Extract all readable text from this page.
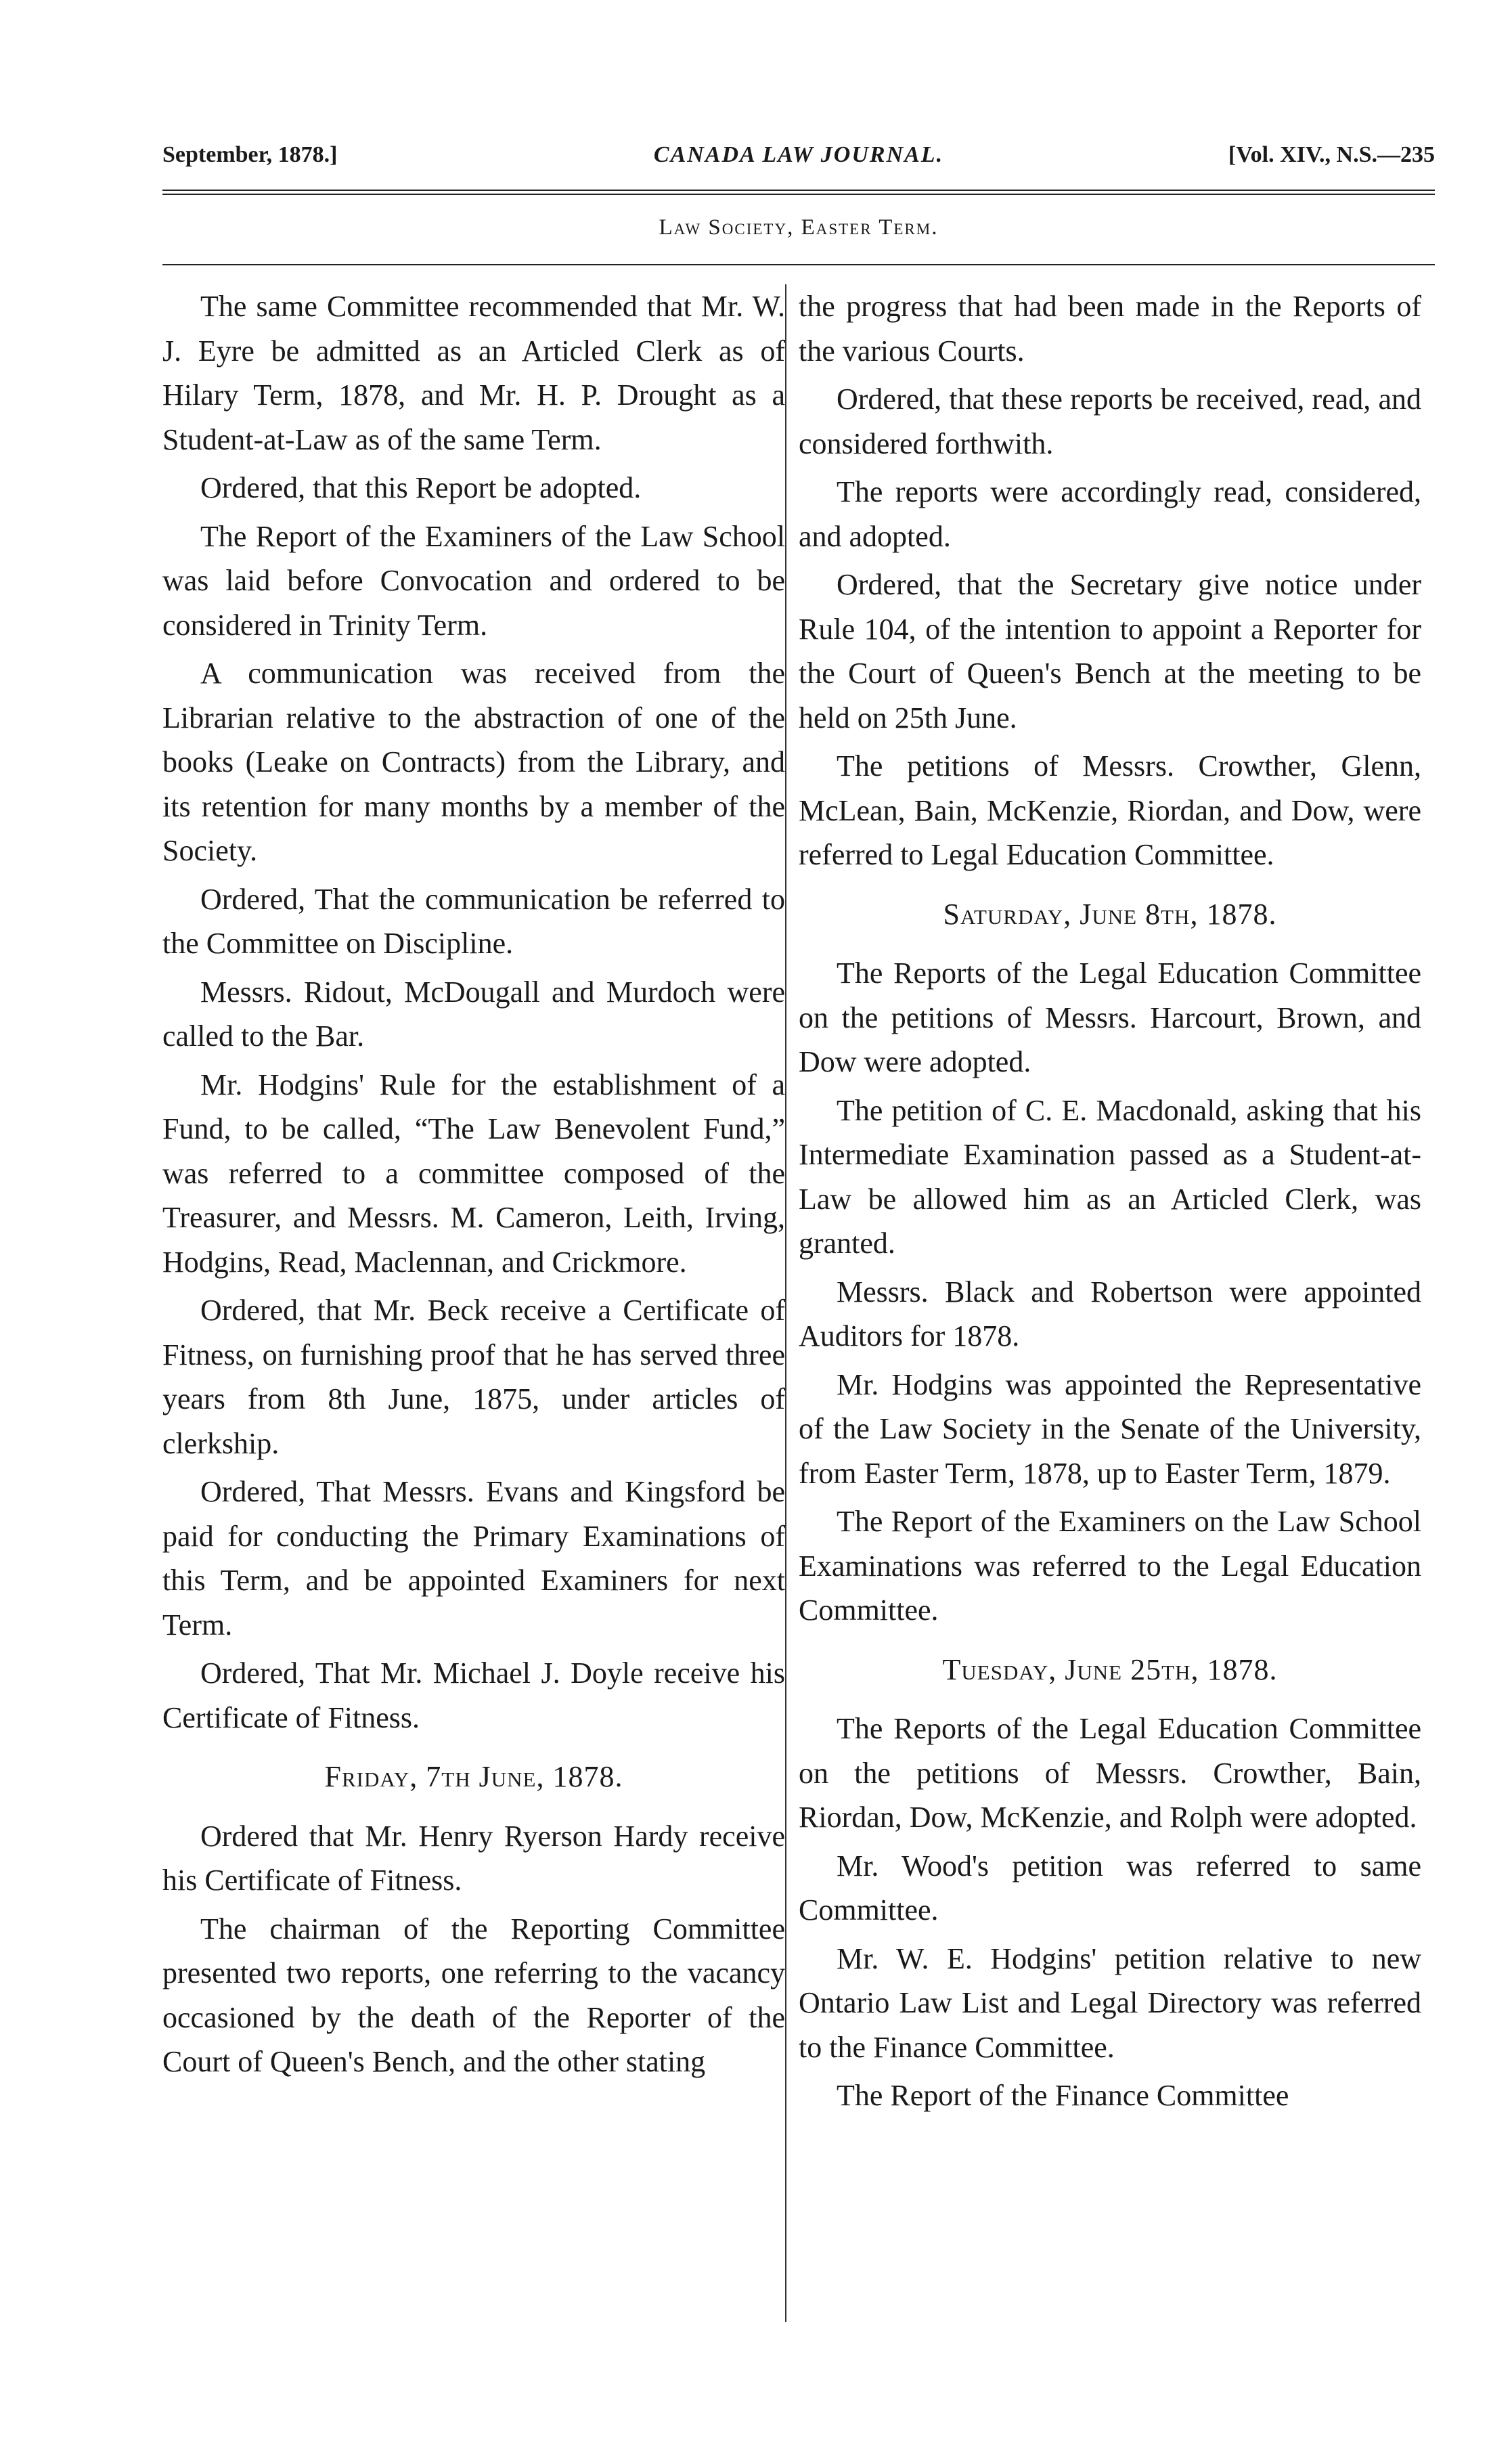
September, 1878.]	CANADA LAW JOURNAL.	[Vol. XIV., N.S.—235
Law Society, Easter Term.

The same Committee recommended that Mr. W. J. Eyre be admitted as an Articled Clerk as of Hilary Term, 1878, and Mr. H. P. Drought as a Student-at-Law as of the same Term.

Ordered, that this Report be adopted.

The Report of the Examiners of the Law School was laid before Convocation and ordered to be considered in Trinity Term.

A communication was received from the Librarian relative to the abstraction of one of the books (Leake on Contracts) from the Library, and its retention for many months by a member of the Society.

Ordered, That the communication be referred to the Committee on Discipline.

Messrs. Ridout, McDougall and Murdoch were called to the Bar.

Mr. Hodgins' Rule for the establishment of a Fund, to be called, “The Law Benevolent Fund,” was referred to a committee composed of the Treasurer, and Messrs. M. Cameron, Leith, Irving, Hodgins, Read, Maclennan, and Crickmore.

Ordered, that Mr. Beck receive a Certificate of Fitness, on furnishing proof that he has served three years from 8th June, 1875, under articles of clerkship.

Ordered, That Messrs. Evans and Kingsford be paid for conducting the Primary Examinations of this Term, and be appointed Examiners for next Term.

Ordered, That Mr. Michael J. Doyle receive his Certificate of Fitness.

Friday, 7th June, 1878.

Ordered that Mr. Henry Ryerson Hardy receive his Certificate of Fitness.

The chairman of the Reporting Committee presented two reports, one referring to the vacancy occasioned by the death of the Reporter of the Court of Queen's Bench, and the other stating

the progress that had been made in the Reports of the various Courts.

Ordered, that these reports be received, read, and considered forthwith.

The reports were accordingly read, considered, and adopted.

Ordered, that the Secretary give notice under Rule 104, of the intention to appoint a Reporter for the Court of Queen's Bench at the meeting to be held on 25th June.

The petitions of Messrs. Crowther, Glenn, McLean, Bain, McKenzie, Riordan, and Dow, were referred to Legal Education Committee.

Saturday, June 8th, 1878.

The Reports of the Legal Education Committee on the petitions of Messrs. Harcourt, Brown, and Dow were adopted.

The petition of C. E. Macdonald, asking that his Intermediate Examination passed as a Student-at-Law be allowed him as an Articled Clerk, was granted.

Messrs. Black and Robertson were appointed Auditors for 1878.

Mr. Hodgins was appointed the Representative of the Law Society in the Senate of the University, from Easter Term, 1878, up to Easter Term, 1879.

The Report of the Examiners on the Law School Examinations was referred to the Legal Education Committee.

Tuesday, June 25th, 1878.

The Reports of the Legal Education Committee on the petitions of Messrs. Crowther, Bain, Riordan, Dow, McKenzie, and Rolph were adopted.

Mr. Wood's petition was referred to same Committee.

Mr. W. E. Hodgins' petition relative to new Ontario Law List and Legal Directory was referred to the Finance Committee.

The Report of the Finance Committee
